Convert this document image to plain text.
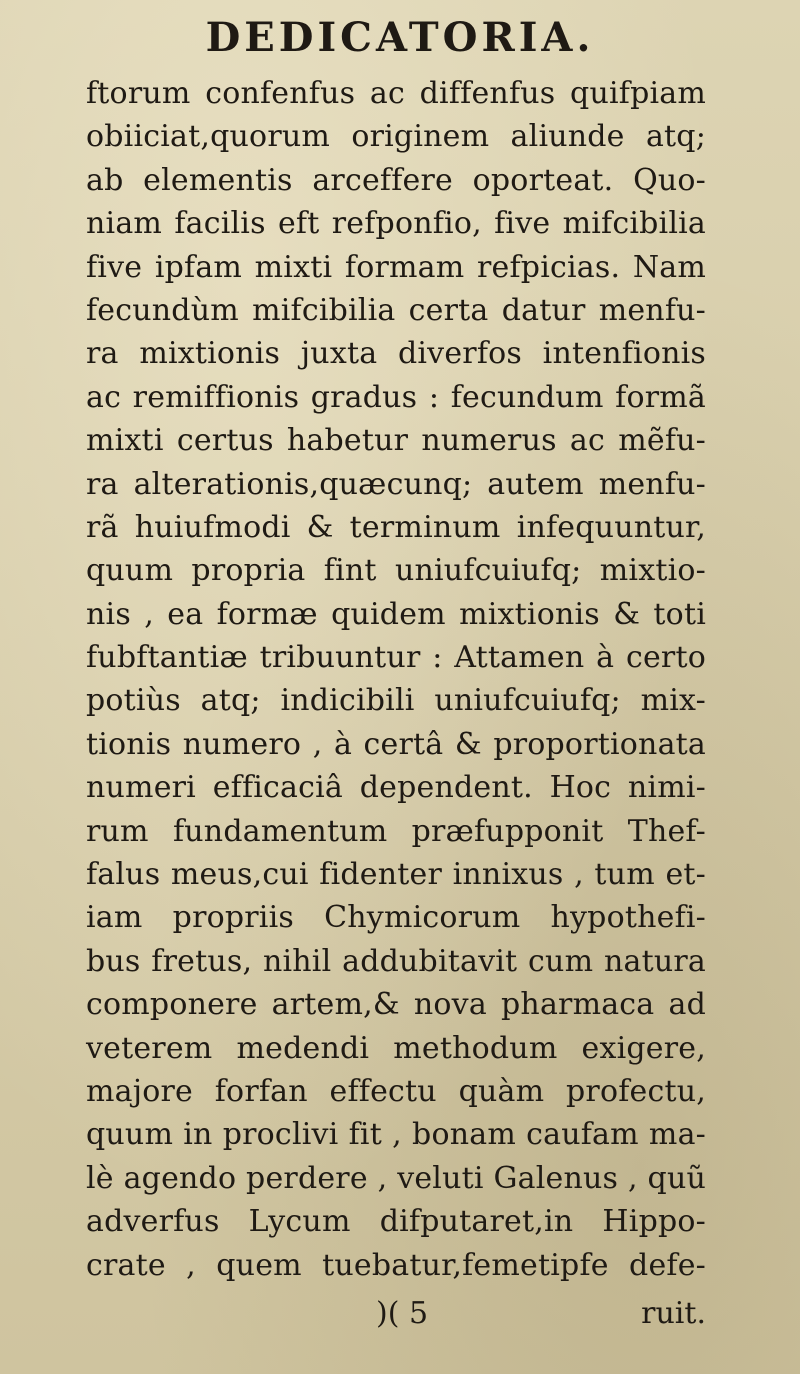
DEDICATORIA.
ftorum confenfus ac diffenfus quifpiam
obiiciat,quorum originem aliunde atq;
ab elementis arceffere oporteat. Quo-
niam facilis eft refponfio, five mifcibilia
five ipfam mixti formam refpicias. Nam
fecundùm mifcibilia certa datur menfu-
ra mixtionis juxta diverfos intenfionis
ac remiffionis gradus : fecundum formã
mixti certus habetur numerus ac mẽfu-
ra alterationis,quæcunq; autem menfu-
rã huiufmodi & terminum infequuntur,
quum propria fint uniufcuiufq; mixtio-
nis , ea formæ quidem mixtionis & toti
fubftantiæ tribuuntur : Attamen à certo
potiùs atq; indicibili uniufcuiufq; mix-
tionis numero , à certâ & proportionata
numeri efficaciâ dependent. Hoc nimi-
rum fundamentum præfupponit Thef-
falus meus,cui fidenter innixus , tum et-
iam propriis Chymicorum hypothefi-
bus fretus, nihil addubitavit cum natura
componere artem,& nova pharmaca ad
veterem medendi methodum exigere,
majore forfan effectu quàm profectu,
quum in proclivi fit , bonam caufam ma-
lè agendo perdere , veluti Galenus , quũ
adverfus Lycum difputaret,in Hippo-
crate , quem tuebatur,femetipfe defe-
)( 5	ruit.
